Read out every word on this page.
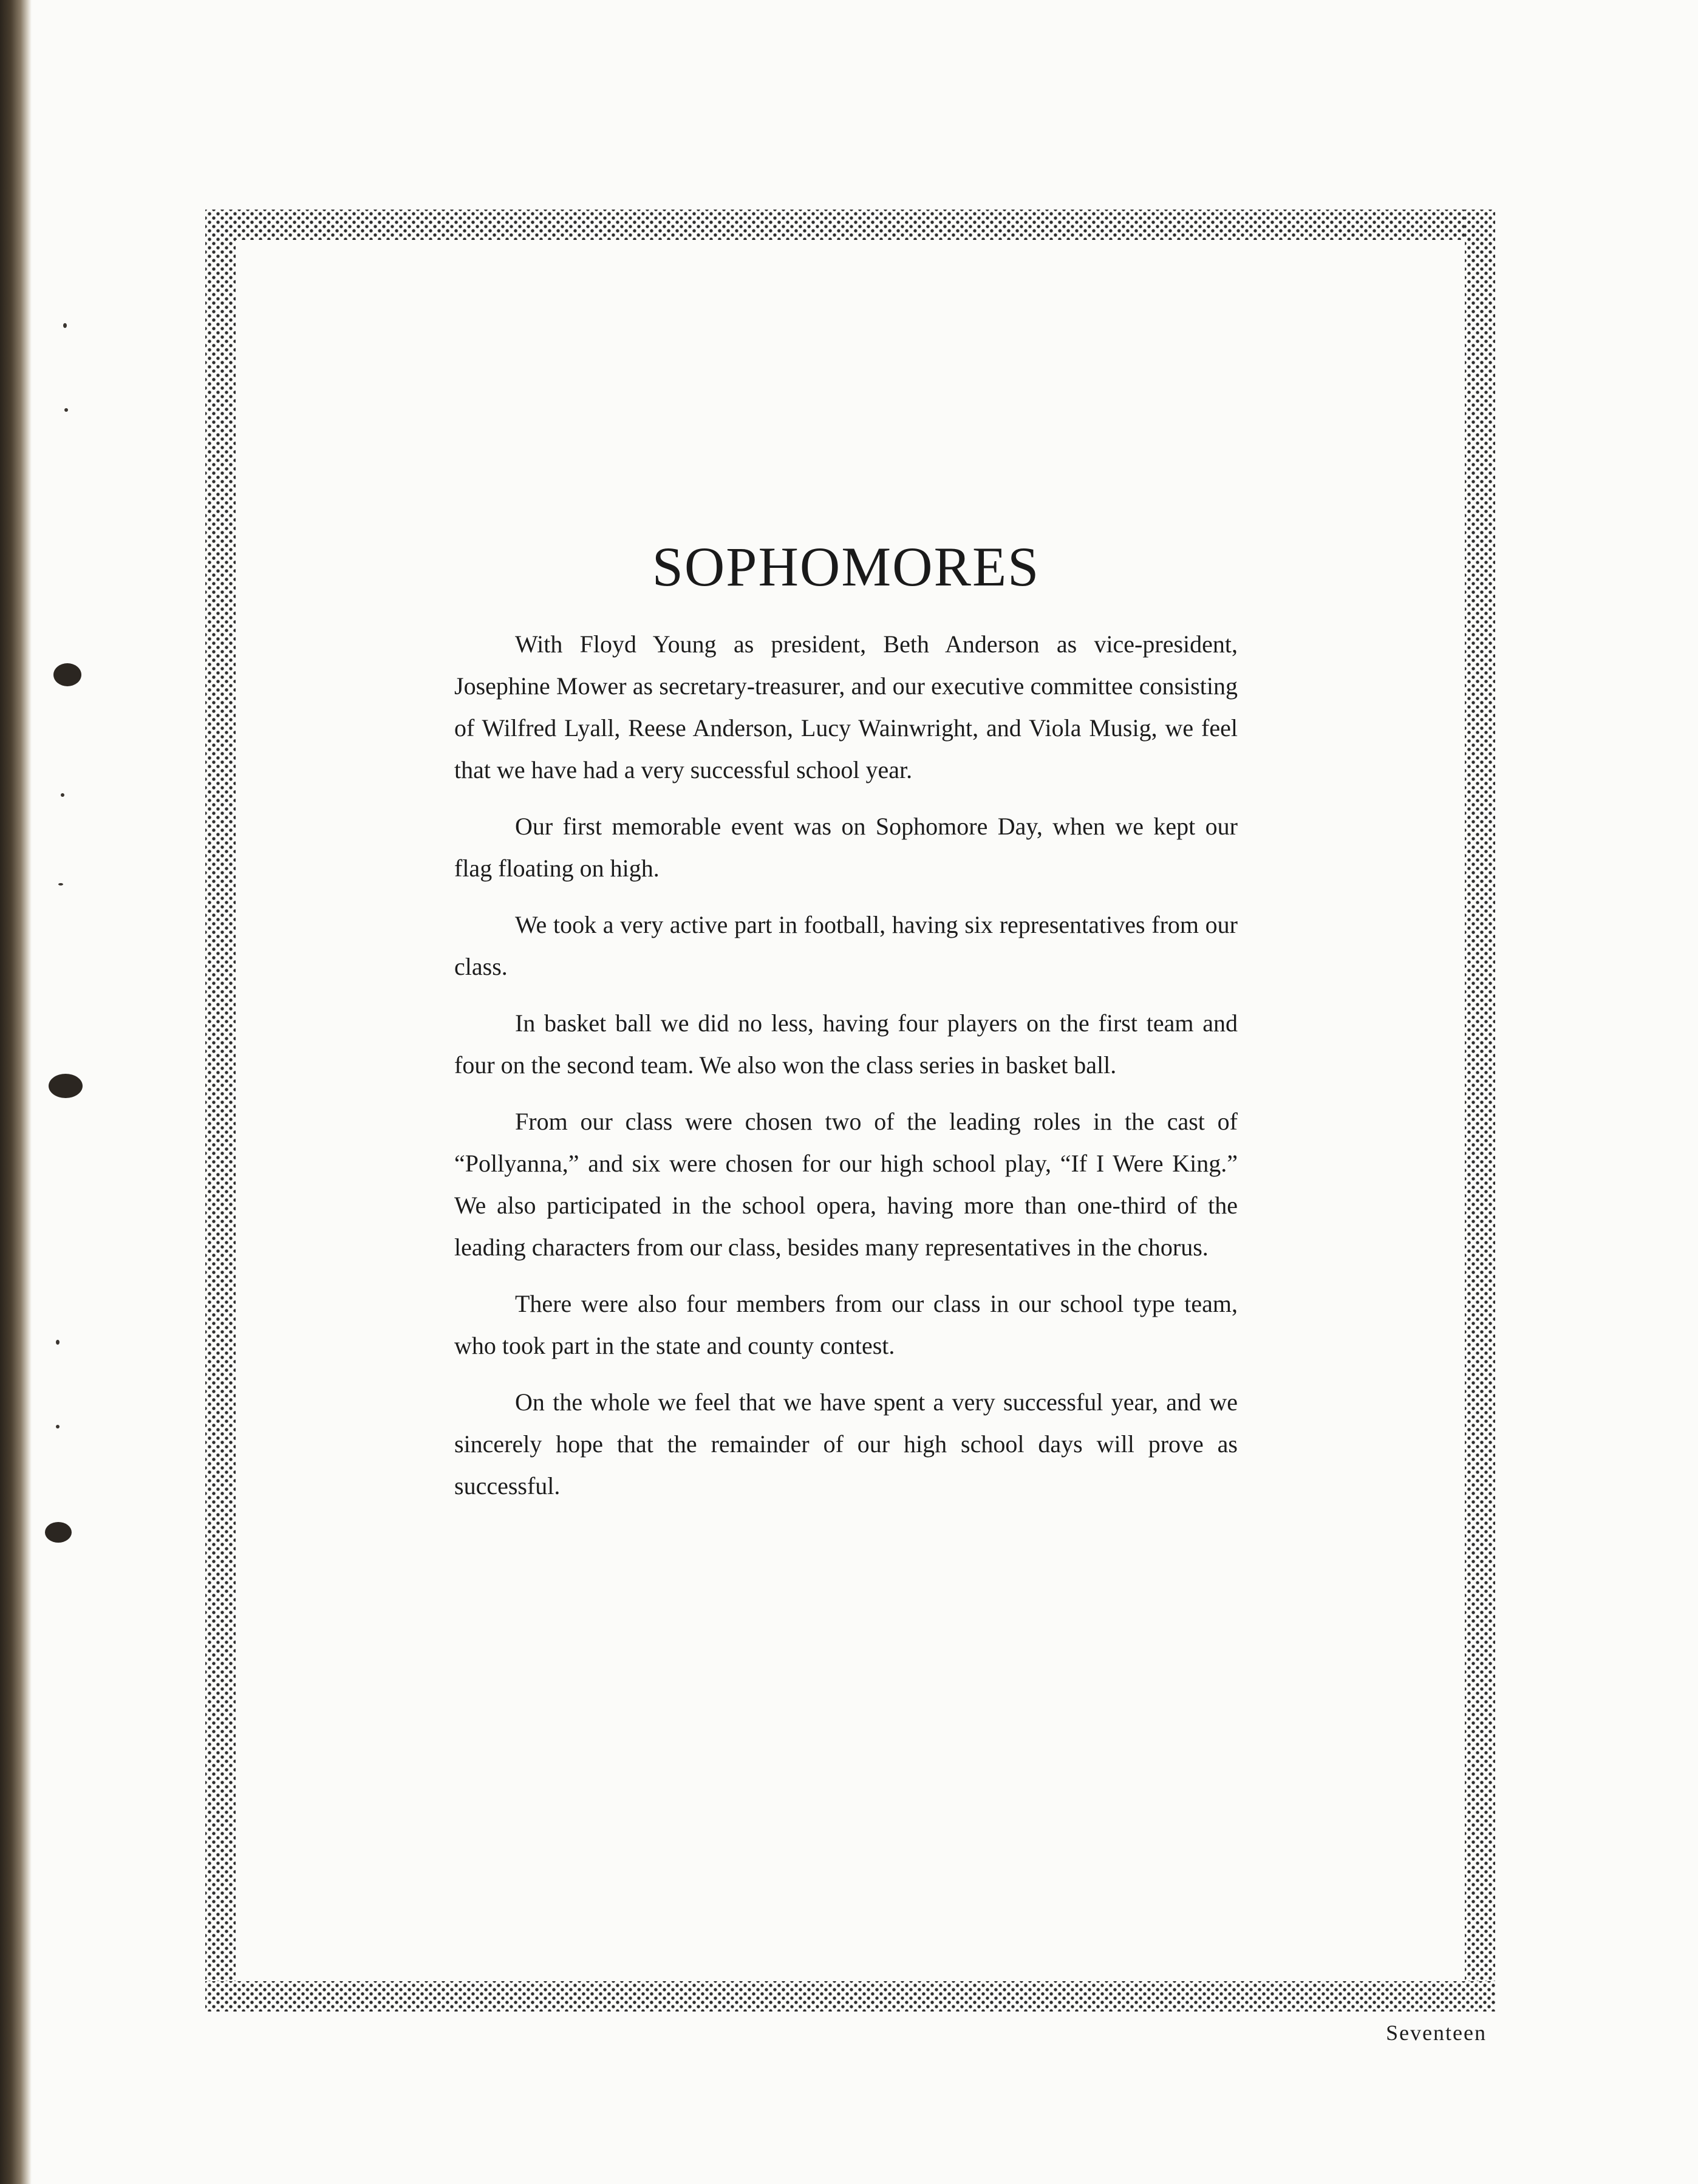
SOPHOMORES

With Floyd Young as president, Beth Anderson as vice-president, Josephine Mower as secretary-treasurer, and our executive committee consisting of Wilfred Lyall, Reese Anderson, Lucy Wainwright, and Viola Musig, we feel that we have had a very successful school year.

Our first memorable event was on Sophomore Day, when we kept our flag floating on high.

We took a very active part in football, having six representatives from our class.

In basket ball we did no less, having four players on the first team and four on the second team. We also won the class series in basket ball.

From our class were chosen two of the leading roles in the cast of “Pollyanna,” and six were chosen for our high school play, “If I Were King.” We also participated in the school opera, having more than one-third of the leading characters from our class, besides many representatives in the chorus.

There were also four members from our class in our school type team, who took part in the state and county contest.

On the whole we feel that we have spent a very successful year, and we sincerely hope that the remainder of our high school days will prove as successful.

Seventeen
